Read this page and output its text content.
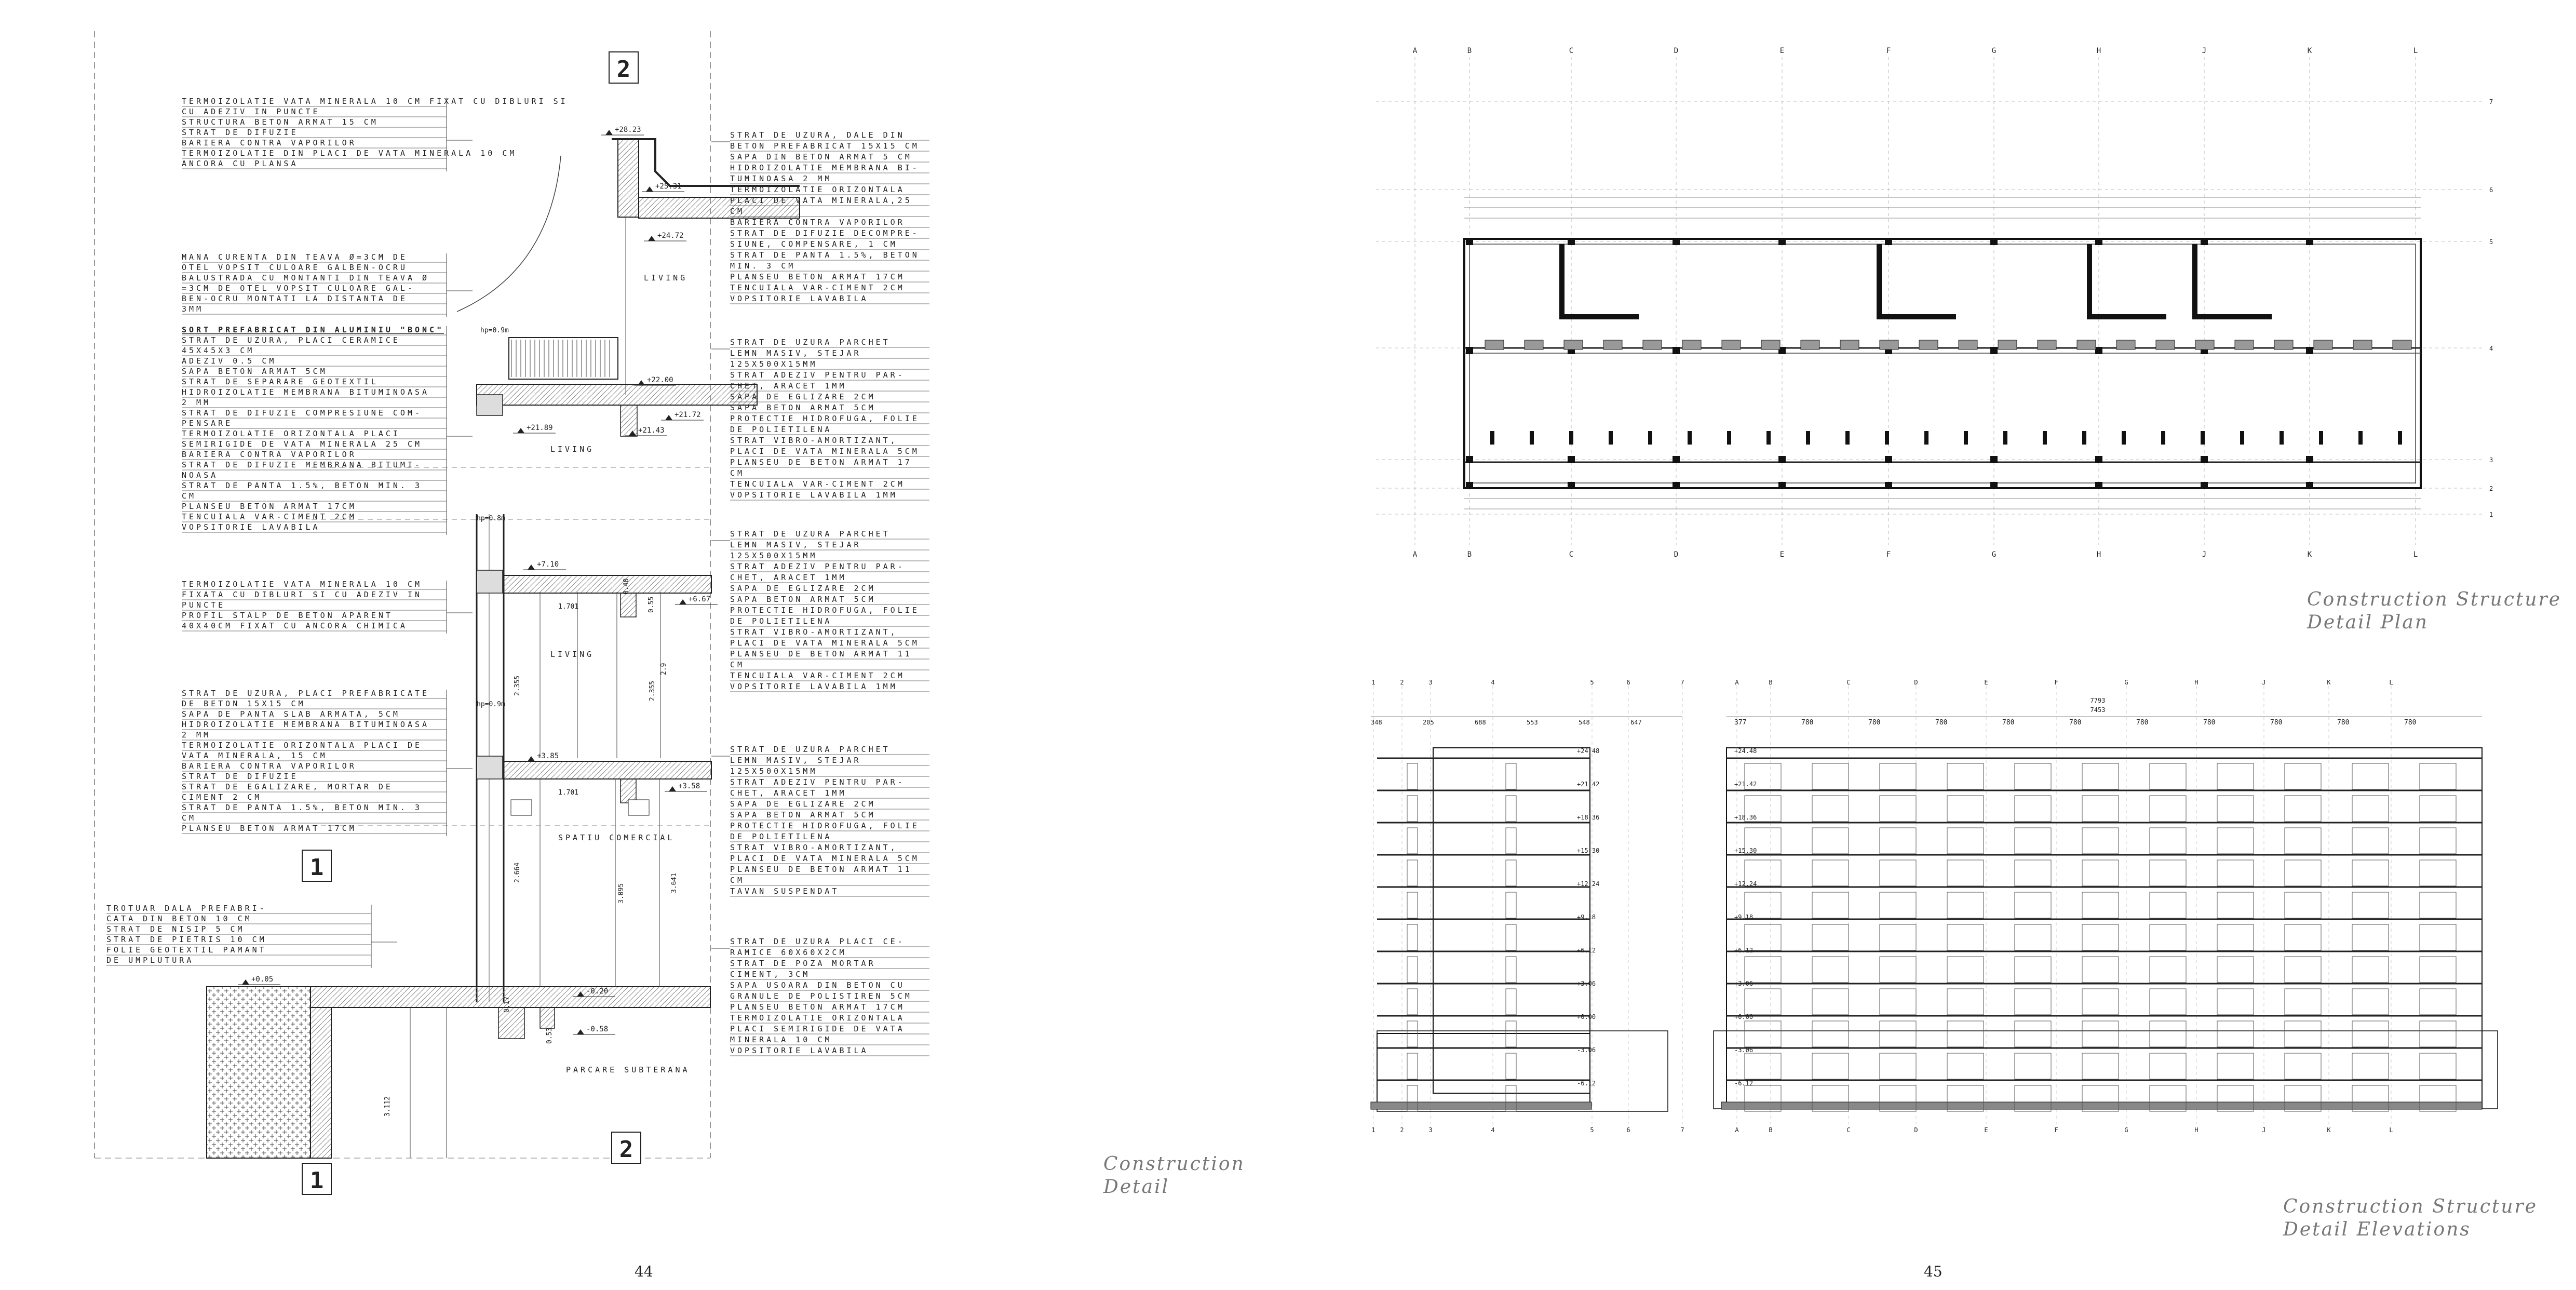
2
1
2
1
TERMOIZOLATIE VATA MINERALA 10 CM FIXAT CU DIBLURI SI
CU ADEZIV IN PUNCTE
STRUCTURA BETON ARMAT 15 CM
STRAT DE DIFUZIE
BARIERA CONTRA VAPORILOR
TERMOIZOLATIE DIN PLACI DE VATA MINERALA 10 CM
ANCORA CU PLANSA
MANA CURENTA DIN TEAVA Ø=3CM DE
OTEL VOPSIT CULOARE GALBEN-OCRU
BALUSTRADA CU MONTANTI DIN TEAVA Ø
=3CM DE OTEL VOPSIT CULOARE GAL-
BEN-OCRU MONTATI LA DISTANTA DE
3MM
SORT PREFABRICAT DIN ALUMINIU "BONC"
STRAT DE UZURA, PLACI CERAMICE
45X45X3 CM
ADEZIV 0.5 CM
SAPA BETON ARMAT 5CM
STRAT DE SEPARARE GEOTEXTIL
HIDROIZOLATIE MEMBRANA BITUMINOASA
2 MM
STRAT DE DIFUZIE COMPRESIUNE COM-
PENSARE
TERMOIZOLATIE ORIZONTALA PLACI
SEMIRIGIDE DE VATA MINERALA 25 CM
BARIERA CONTRA VAPORILOR
STRAT DE DIFUZIE MEMBRANA BITUMI-
NOASA
STRAT DE PANTA 1.5%, BETON MIN. 3
CM
PLANSEU BETON ARMAT 17CM
TENCUIALA VAR-CIMENT 2CM
VOPSITORIE LAVABILA
TERMOIZOLATIE VATA MINERALA 10 CM
FIXATA CU DIBLURI SI CU ADEZIV IN
PUNCTE
PROFIL STALP DE BETON APARENT
40X40CM FIXAT CU ANCORA CHIMICA
STRAT DE UZURA, PLACI PREFABRICATE
DE BETON 15X15 CM
SAPA DE PANTA SLAB ARMATA, 5CM
HIDROIZOLATIE MEMBRANA BITUMINOASA
2 MM
TERMOIZOLATIE ORIZONTALA PLACI DE
VATA MINERALA, 15 CM
BARIERA CONTRA VAPORILOR
STRAT DE DIFUZIE
STRAT DE EGALIZARE, MORTAR DE
CIMENT 2 CM
STRAT DE PANTA 1.5%, BETON MIN. 3
CM
PLANSEU BETON ARMAT 17CM
TROTUAR DALA PREFABRI-
CATA DIN BETON 10 CM
STRAT DE NISIP 5 CM
STRAT DE PIETRIS 10 CM
FOLIE GEOTEXTIL PAMANT
DE UMPLUTURA
STRAT DE UZURA, DALE DIN
BETON PREFABRICAT 15X15 CM
SAPA DIN BETON ARMAT 5 CM
HIDROIZOLATIE MEMBRANA BI-
TUMINOASA 2 MM
TERMOIZOLATIE ORIZONTALA
PLACI DE VATA MINERALA,25
CM
BARIERA CONTRA VAPORILOR
STRAT DE DIFUZIE DECOMPRE-
SIUNE, COMPENSARE, 1 CM
STRAT DE PANTA 1.5%, BETON
MIN. 3 CM
PLANSEU BETON ARMAT 17CM
TENCUIALA VAR-CIMENT 2CM
VOPSITORIE LAVABILA
STRAT DE UZURA PARCHET
LEMN MASIV, STEJAR
125X500X15MM
STRAT ADEZIV PENTRU PAR-
CHET, ARACET 1MM
SAPA DE EGLIZARE 2CM
SAPA BETON ARMAT 5CM
PROTECTIE HIDROFUGA, FOLIE
DE POLIETILENA
STRAT VIBRO-AMORTIZANT,
PLACI DE VATA MINERALA 5CM
PLANSEU DE BETON ARMAT 17
CM
TENCUIALA VAR-CIMENT 2CM
VOPSITORIE LAVABILA 1MM
STRAT DE UZURA PARCHET
LEMN MASIV, STEJAR
125X500X15MM
STRAT ADEZIV PENTRU PAR-
CHET, ARACET 1MM
SAPA DE EGLIZARE 2CM
SAPA BETON ARMAT 5CM
PROTECTIE HIDROFUGA, FOLIE
DE POLIETILENA
STRAT VIBRO-AMORTIZANT,
PLACI DE VATA MINERALA 5CM
PLANSEU DE BETON ARMAT 11
CM
TENCUIALA VAR-CIMENT 2CM
VOPSITORIE LAVABILA 1MM
STRAT DE UZURA PARCHET
LEMN MASIV, STEJAR
125X500X15MM
STRAT ADEZIV PENTRU PAR-
CHET, ARACET 1MM
SAPA DE EGLIZARE 2CM
SAPA BETON ARMAT 5CM
PROTECTIE HIDROFUGA, FOLIE
DE POLIETILENA
STRAT VIBRO-AMORTIZANT,
PLACI DE VATA MINERALA 5CM
PLANSEU DE BETON ARMAT 11
CM
TAVAN SUSPENDAT
STRAT DE UZURA PLACI CE-
RAMICE 60X60X2CM
STRAT DE POZA MORTAR
CIMENT, 3CM
SAPA USOARA DIN BETON CU
GRANULE DE POLISTIREN 5CM
PLANSEU BETON ARMAT 17CM
TERMOIZOLATIE ORIZONTALA
PLACI SEMIRIGIDE DE VATA
MINERALA 10 CM
VOPSITORIE LAVABILA
LIVING
LIVING
LIVING
SPATIU COMERCIAL
PARCARE SUBTERANA
+28.23
+25.31
+24.72
+22.00
+21.72
+21.43
+21.89
+7.10
+6.67
+3.85
+3.58
+0.05
-0.20
-0.58
hp=0.9m
hp=0.8m
hp=0.9m
1.701
1.701
0.55
0.40
2.355	2.355
2.9
2.664
3.095
3.641
3.112
0.53
0.17
Construction
Detail
44
A
A
B
B
C
C
D
D
E
E
F
F
G
G
H
H
J
J
K
K
L
L
7
6
5
4
3
2
1
1
1
2
2
3
3
4
4
5
5
6
6
7
7
348	205	688	553	548	647
A
A
B
B
C
C
D
D
E
E
F
F
G
G
H
H
J
J
K
K
L
L
7793
7453
377	780	780	780	780	780	780	780	780	780	780
+24.48	+24.48
+21.42	+21.42
+18.36	+18.36
+15.30	+15.30
+12.24	+12.24
+9.18	+9.18
+6.12	+6.12
+3.06	+3.06
+0.00	+0.00
-3.06	-3.06
-6.12	-6.12
Construction Structure
Detail Plan
Construction Structure
Detail Elevations
45
